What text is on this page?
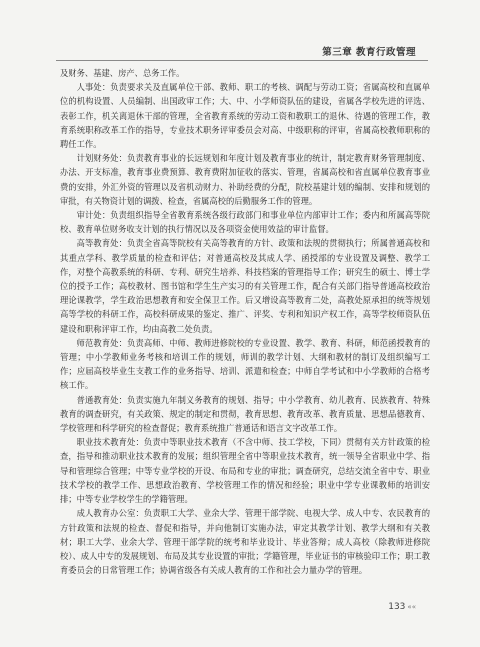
第三章 教育行政管理

及财务、基建、房产、总务工作。

人事处：负责要求关及直属单位干部、教师、职工的考核、调配与劳动工资；省属高校和直属单位的机构设置、人员编制、出国政审工作；大、中、小学师资队伍的建设，省属各学校先进的评选、表彰工作，机关离退休干部的管理，全省教育系统的劳动工资和教职工的退休、待遇的管理工作，教育系统职称改革工作的指导，专业技术职务评审委员会对高、中级职称的评审，省属高校教师职称的聘任工作。

计划财务处：负责教育事业的长远规划和年度计划及教育事业的统计，制定教育财务管理制度、办法、开支标准，教育事业费预算、教育费附加征收的落实、管理，省属高校和省直属单位教育事业费的安排，外汇外资的管理以及省机动财力、补助经费的分配，院校基建计划的编制、安排和规划的审批，有关物资计划的调拨、检查，省属高校的后勤服务工作的管理。

审计处：负责组织指导全省教育系统各级行政部门和事业单位内部审计工作；委内和所属高等院校、教育单位财务收支计划的执行情况以及各项资金使用效益的审计监督。

高等教育处：负责全省高等院校有关高等教育的方针、政策和法规的贯彻执行；所属普通高校和其重点学科、教学质量的检查和评估；对普通高校及其成人学、函授部的专业设置及调整、教学工作，对整个高教系统的科研、专利、研究生培养、科技档案的管理指导工作；研究生的硕士、博士学位的授予工作；高校教材、图书馆和学生生产实习的有关管理工作，配合有关部门指导普通高校政治理论课教学，学生政治思想教育和安全保卫工作。后又增设高等教育二处，高教处原承担的统等规划高等学校的科研工作，高校科研成果的鉴定、推广、评奖、专利和知识产权工作，高等学校师资队伍建设和职称评审工作，均由高教二处负责。

师范教育处：负责高师、中师、教师进修院校的专业设置、教学、教育、科研，师范函授教育的管理；中小学教师业务考核和培训工作的规划，师训的教学计划、大纲和教材的制订及组织编写工作；应届高校毕业生支教工作的业务指导、培训、派遣和检查；中师自学考试和中小学教师的合格考核工作。

普通教育处：负责实施九年制义务教育的规划、指导；中小学教育、幼儿教育、民族教育、特殊教育的调查研究，有关政策、规定的制定和贯彻，教育思想、教育改革、教育质量、思想品德教育、学校管理和科学研究的检查督促；教育系统推广普通话和语言文字改革工作。

职业技术教育处：负责中等职业技术教育（不含中师、技工学校，下同）贯彻有关方针政策的检查，指导和推动职业技术教育的发展；组织管理全省中等职业技术教育，统一领导全省职业中学、指导和管理综合管理；中等专业学校的开设、布局和专业的审批；调查研究，总结交流全省中专、职业技术学校的教学工作、思想政治教育、学校管理工作的情况和经验；职业中学专业课教师的培训安排；中等专业学校学生的学籍管理。

成人教育办公室：负责职工大学、业余大学、管理干部学院、电视大学、成人中专、农民教育的方针政策和法规的检查、督促和指导，并向他制订实施办法，审定其教学计划、教学大纲和有关教材；职工大学、业余大学、管理干部学院的统考和毕业设计、毕业答辩；成人高校（除教师进修院校）、成人中专的发展规划、布局及其专业设置的审批；学籍管理，毕业证书的审核验印工作；职工教育委员会的日常管理工作；协调省级各有关成人教育的工作和社会力量办学的管理。

133 ««
